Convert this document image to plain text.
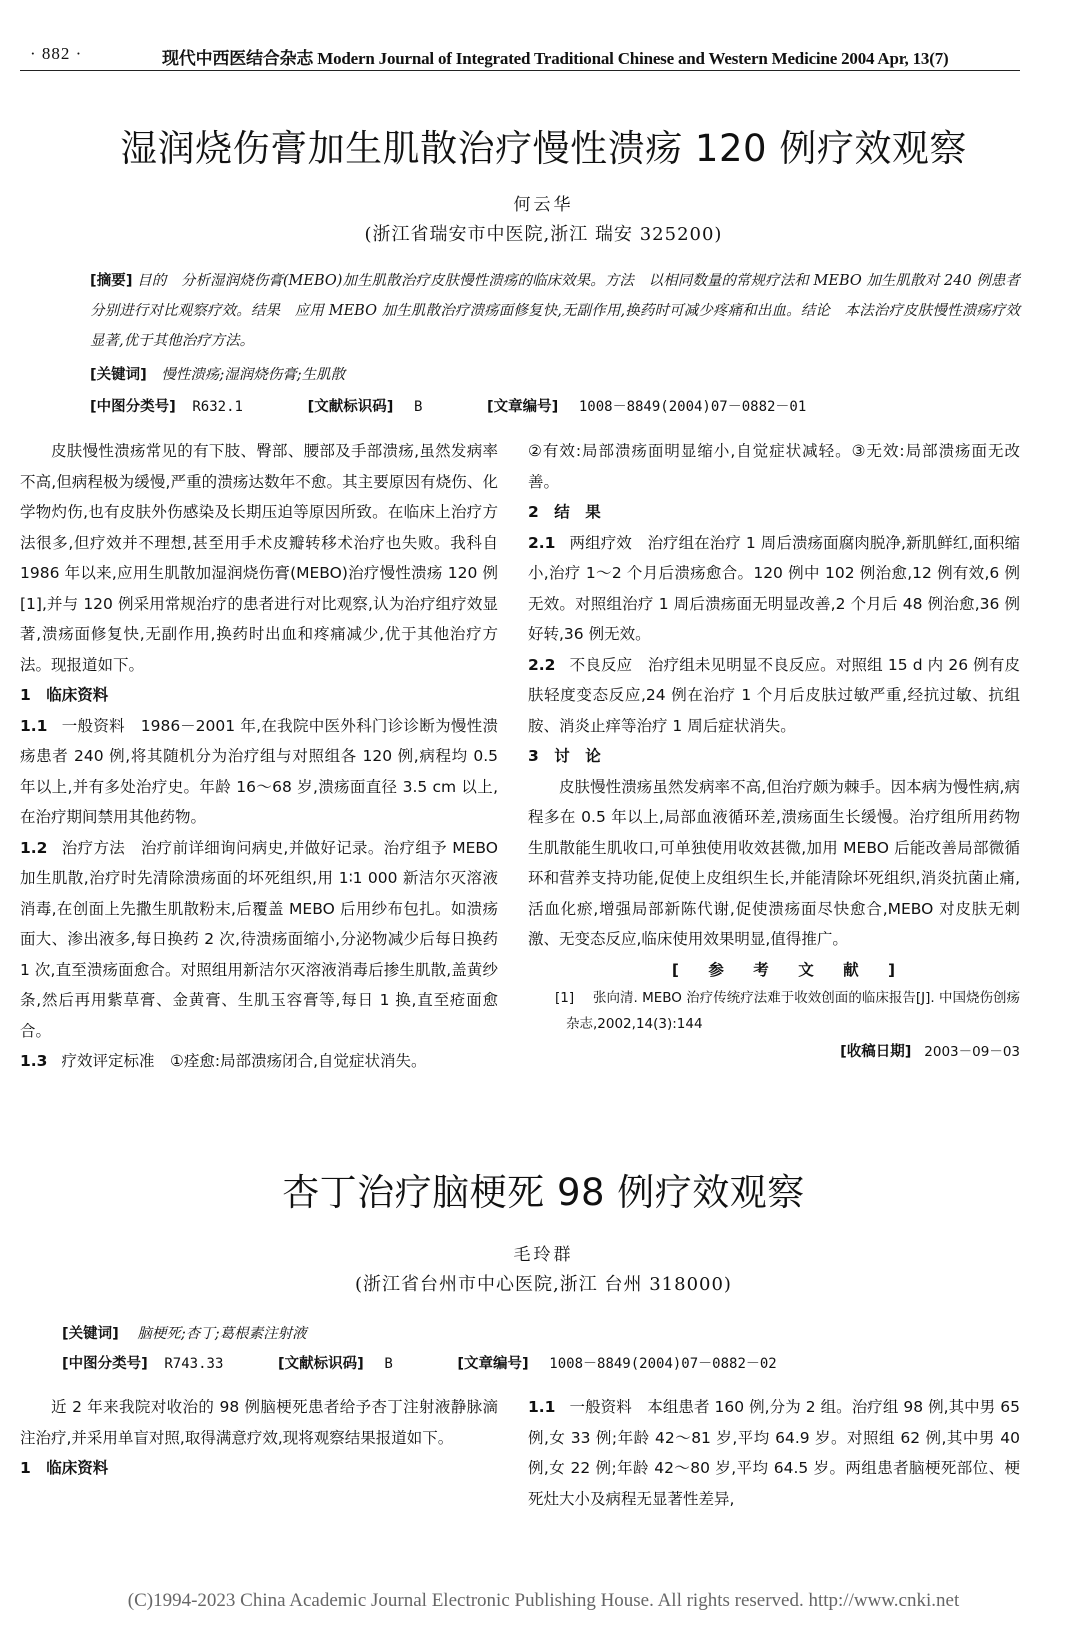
· 882 ·	现代中西医结合杂志 Modern Journal of Integrated Traditional Chinese and Western Medicine 2004 Apr, 13(7)
湿润烧伤膏加生肌散治疗慢性溃疡 120 例疗效观察
何云华
(浙江省瑞安市中医院,浙江 瑞安 325200)
[摘要] 目的　分析湿润烧伤膏(MEBO)加生肌散治疗皮肤慢性溃疡的临床效果。方法　以相同数量的常规疗法和 MEBO 加生肌散对 240 例患者分别进行对比观察疗效。结果　应用 MEBO 加生肌散治疗溃疡面修复快,无副作用,换药时可减少疼痛和出血。结论　本法治疗皮肤慢性溃疡疗效显著,优于其他治疗方法。
[关键词] 慢性溃疡;湿润烧伤膏;生肌散
[中图分类号] R632.1	[文献标识码] B	[文章编号] 1008－8849(2004)07－0882－01

皮肤慢性溃疡常见的有下肢、臀部、腰部及手部溃疡,虽然发病率不高,但病程极为缓慢,严重的溃疡达数年不愈。其主要原因有烧伤、化学物灼伤,也有皮肤外伤感染及长期压迫等原因所致。在临床上治疗方法很多,但疗效并不理想,甚至用手术皮瓣转移术治疗也失败。我科自 1986 年以来,应用生肌散加湿润烧伤膏(MEBO)治疗慢性溃疡 120 例[1],并与 120 例采用常规治疗的患者进行对比观察,认为治疗组疗效显著,溃疡面修复快,无副作用,换药时出血和疼痛减少,优于其他治疗方法。现报道如下。

1　临床资料

1.1 一般资料　1986－2001 年,在我院中医外科门诊诊断为慢性溃疡患者 240 例,将其随机分为治疗组与对照组各 120 例,病程均 0.5 年以上,并有多处治疗史。年龄 16～68 岁,溃疡面直径 3.5 cm 以上,在治疗期间禁用其他药物。

1.2 治疗方法　治疗前详细询问病史,并做好记录。治疗组予 MEBO 加生肌散,治疗时先清除溃疡面的坏死组织,用 1∶1 000 新洁尔灭溶液消毒,在创面上先撒生肌散粉末,后覆盖 MEBO 后用纱布包扎。如溃疡面大、渗出液多,每日换药 2 次,待溃疡面缩小,分泌物减少后每日换药 1 次,直至溃疡面愈合。对照组用新洁尔灭溶液消毒后掺生肌散,盖黄纱条,然后再用紫草膏、金黄膏、生肌玉容膏等,每日 1 换,直至疮面愈合。

1.3 疗效评定标准　①痊愈:局部溃疡闭合,自觉症状消失。

②有效:局部溃疡面明显缩小,自觉症状减轻。③无效:局部溃疡面无改善。

2　结　果

2.1 两组疗效　治疗组在治疗 1 周后溃疡面腐肉脱净,新肌鲜红,面积缩小,治疗 1～2 个月后溃疡愈合。120 例中 102 例治愈,12 例有效,6 例无效。对照组治疗 1 周后溃疡面无明显改善,2 个月后 48 例治愈,36 例好转,36 例无效。

2.2 不良反应　治疗组未见明显不良反应。对照组 15 d 内 26 例有皮肤轻度变态反应,24 例在治疗 1 个月后皮肤过敏严重,经抗过敏、抗组胺、消炎止痒等治疗 1 周后症状消失。

3　讨　论

皮肤慢性溃疡虽然发病率不高,但治疗颇为棘手。因本病为慢性病,病程多在 0.5 年以上,局部血液循环差,溃疡面生长缓慢。治疗组所用药物生肌散能生肌收口,可单独使用收效甚微,加用 MEBO 后能改善局部微循环和营养支持功能,促使上皮组织生长,并能清除坏死组织,消炎抗菌止痛,活血化瘀,增强局部新陈代谢,促使溃疡面尽快愈合,MEBO 对皮肤无刺激、无变态反应,临床使用效果明显,值得推广。

[ 参 考 文 献 ]

[1] 张向清. MEBO 治疗传统疗法难于收效创面的临床报告[J]. 中国烧伤创疡杂志,2002,14(3):144

[收稿日期] 2003－09－03

杏丁治疗脑梗死 98 例疗效观察
毛玲群
(浙江省台州市中心医院,浙江 台州 318000)
[关键词] 脑梗死;杏丁;葛根素注射液
[中图分类号] R743.33	[文献标识码] B	[文章编号] 1008－8849(2004)07－0882－02

近 2 年来我院对收治的 98 例脑梗死患者给予杏丁注射液静脉滴注治疗,并采用单盲对照,取得满意疗效,现将观察结果报道如下。

1　临床资料

1.1 一般资料　本组患者 160 例,分为 2 组。治疗组 98 例,其中男 65 例,女 33 例;年龄 42～81 岁,平均 64.9 岁。对照组 62 例,其中男 40 例,女 22 例;年龄 42～80 岁,平均 64.5 岁。两组患者脑梗死部位、梗死灶大小及病程无显著性差异,

(C)1994-2023 China Academic Journal Electronic Publishing House. All rights reserved. http://www.cnki.net
